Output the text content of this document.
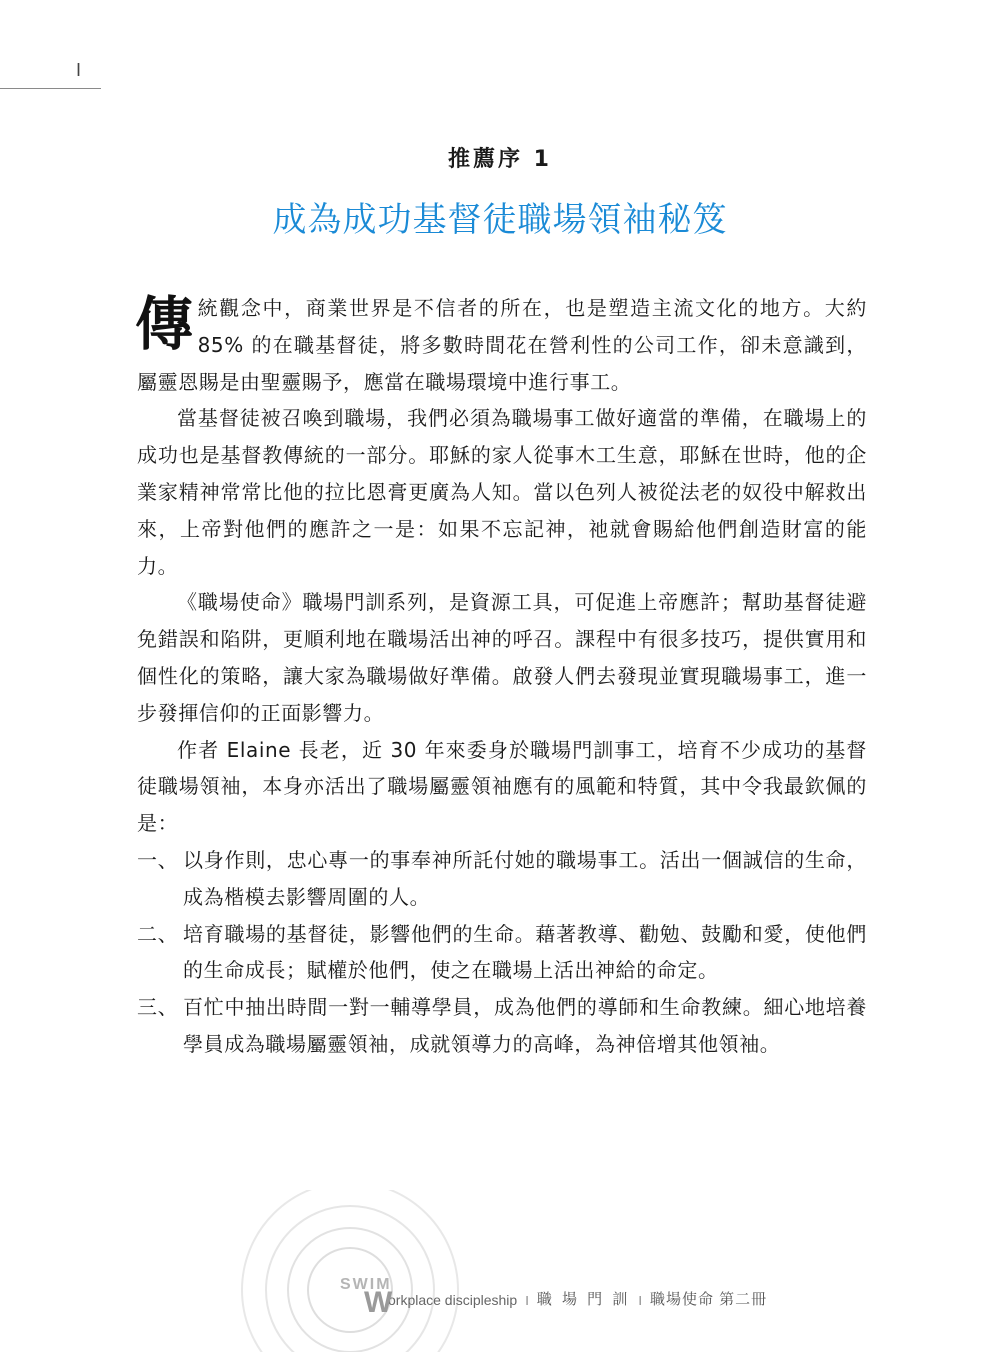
I
推薦序 1
成為成功基督徒職場領袖秘笈

傳統觀念中，商業世界是不信者的所在，也是塑造主流文化的地方。大約 85% 的在職基督徒，將多數時間花在營利性的公司工作，卻未意識到，屬靈恩賜是由聖靈賜予，應當在職場環境中進行事工。

當基督徒被召喚到職場，我們必須為職場事工做好適當的準備，在職場上的成功也是基督教傳統的一部分。耶穌的家人從事木工生意，耶穌在世時，他的企業家精神常常比他的拉比恩膏更廣為人知。當以色列人被從法老的奴役中解救出來，上帝對他們的應許之一是：如果不忘記神，祂就會賜給他們創造財富的能力。

《職場使命》職場門訓系列，是資源工具，可促進上帝應許；幫助基督徒避免錯誤和陷阱，更順利地在職場活出神的呼召。課程中有很多技巧，提供實用和個性化的策略，讓大家為職場做好準備。啟發人們去發現並實現職場事工，進一步發揮信仰的正面影響力。

作者 Elaine 長老，近 30 年來委身於職場門訓事工，培育不少成功的基督徒職場領袖，本身亦活出了職場屬靈領袖應有的風範和特質，其中令我最欽佩的是：

一、 以身作則，忠心專一的事奉神所託付她的職場事工。活出一個誠信的生命，成為楷模去影響周圍的人。
二、 培育職場的基督徒，影響他們的生命。藉著教導、勸勉、鼓勵和愛，使他們的生命成長；賦權於他們，使之在職場上活出神給的命定。
三、 百忙中抽出時間一對一輔導學員，成為他們的導師和生命教練。細心地培養學員成為職場屬靈領袖，成就領導力的高峰，為神倍增其他領袖。
SWIM
W
orkplace discipleship I 職 場 門 訓 I 職場使命 第二冊
